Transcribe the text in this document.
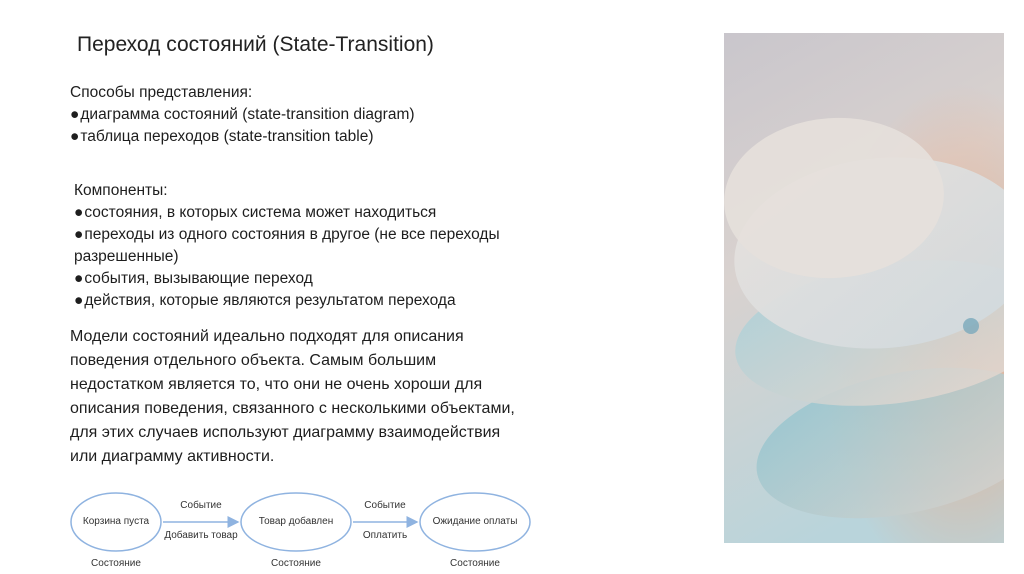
Переход состояний (State-Transition)
Способы представления:
●диаграмма состояний (state-transition diagram)
●таблица переходов (state-transition table)
Компоненты:
●состояния, в которых система может находиться
●переходы из одного состояния в другое (не все переходы
разрешенные)
●события, вызывающие переход
●действия, которые являются результатом перехода
Модели состояний идеально подходят для описания
поведения отдельного объекта. Самым большим
недостатком является то, что они не очень хороши для
описания поведения, связанного с несколькими объектами,
для этих случаев используют диаграмму взаимодействия
или диаграмму активности.
Корзина пуста	Товар добавлен	Ожидание оплаты
Событие
Добавить товар
Событие
Оплатить
Состояние	Состояние	Состояние
